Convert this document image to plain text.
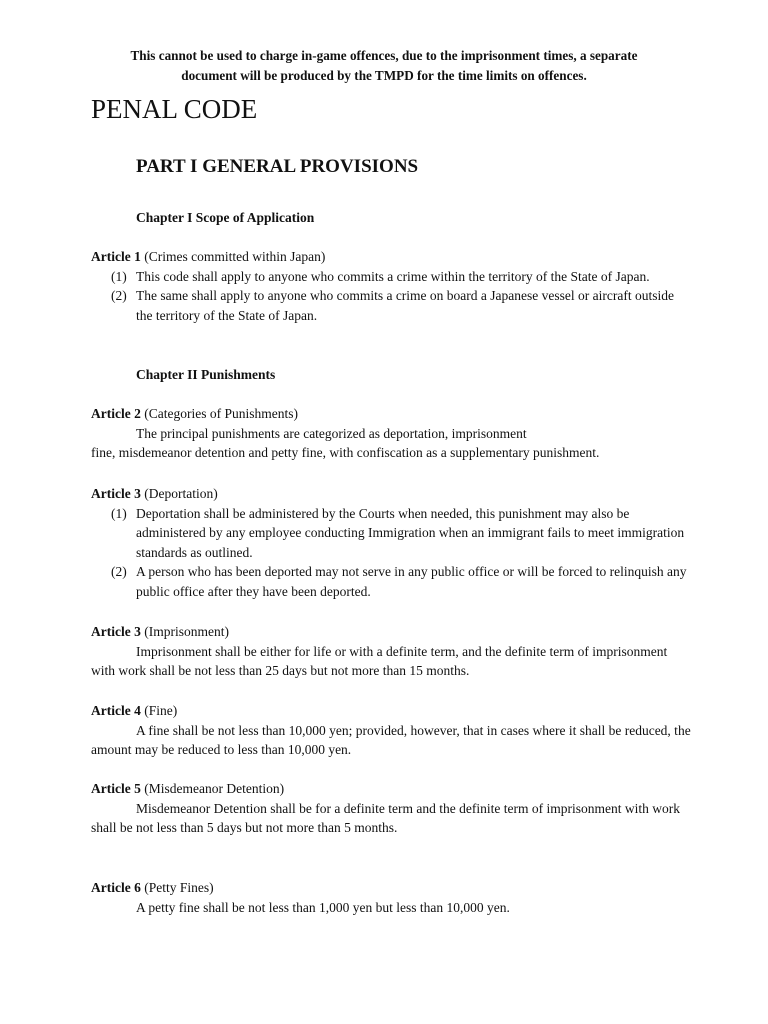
This cannot be used to charge in-game offences, due to the imprisonment times, a separate
document will be produced by the TMPD for the time limits on offences.
PENAL CODE
PART I GENERAL PROVISIONS
Chapter I Scope of Application
Article 1 (Crimes committed within Japan)
(1) This code shall apply to anyone who commits a crime within the territory of the State of Japan.
(2) The same shall apply to anyone who commits a crime on board a Japanese vessel or aircraft outside the territory of the State of Japan.
Chapter II Punishments
Article 2 (Categories of Punishments)
The principal punishments are categorized as deportation, imprisonment
fine, misdemeanor detention and petty fine, with confiscation as a supplementary punishment.
Article 3 (Deportation)
(1) Deportation shall be administered by the Courts when needed, this punishment may also be administered by any employee conducting Immigration when an immigrant fails to meet immigration standards as outlined.
(2) A person who has been deported may not serve in any public office or will be forced to relinquish any public office after they have been deported.
Article 3 (Imprisonment)
Imprisonment shall be either for life or with a definite term, and the definite term of imprisonment with work shall be not less than 25 days but not more than 15 months.
Article 4 (Fine)
A fine shall be not less than 10,000 yen; provided, however, that in cases where it shall be reduced, the amount may be reduced to less than 10,000 yen.
Article 5 (Misdemeanor Detention)
Misdemeanor Detention shall be for a definite term and the definite term of imprisonment with work shall be not less than 5 days but not more than 5 months.
Article 6 (Petty Fines)
A petty fine shall be not less than 1,000 yen but less than 10,000 yen.
